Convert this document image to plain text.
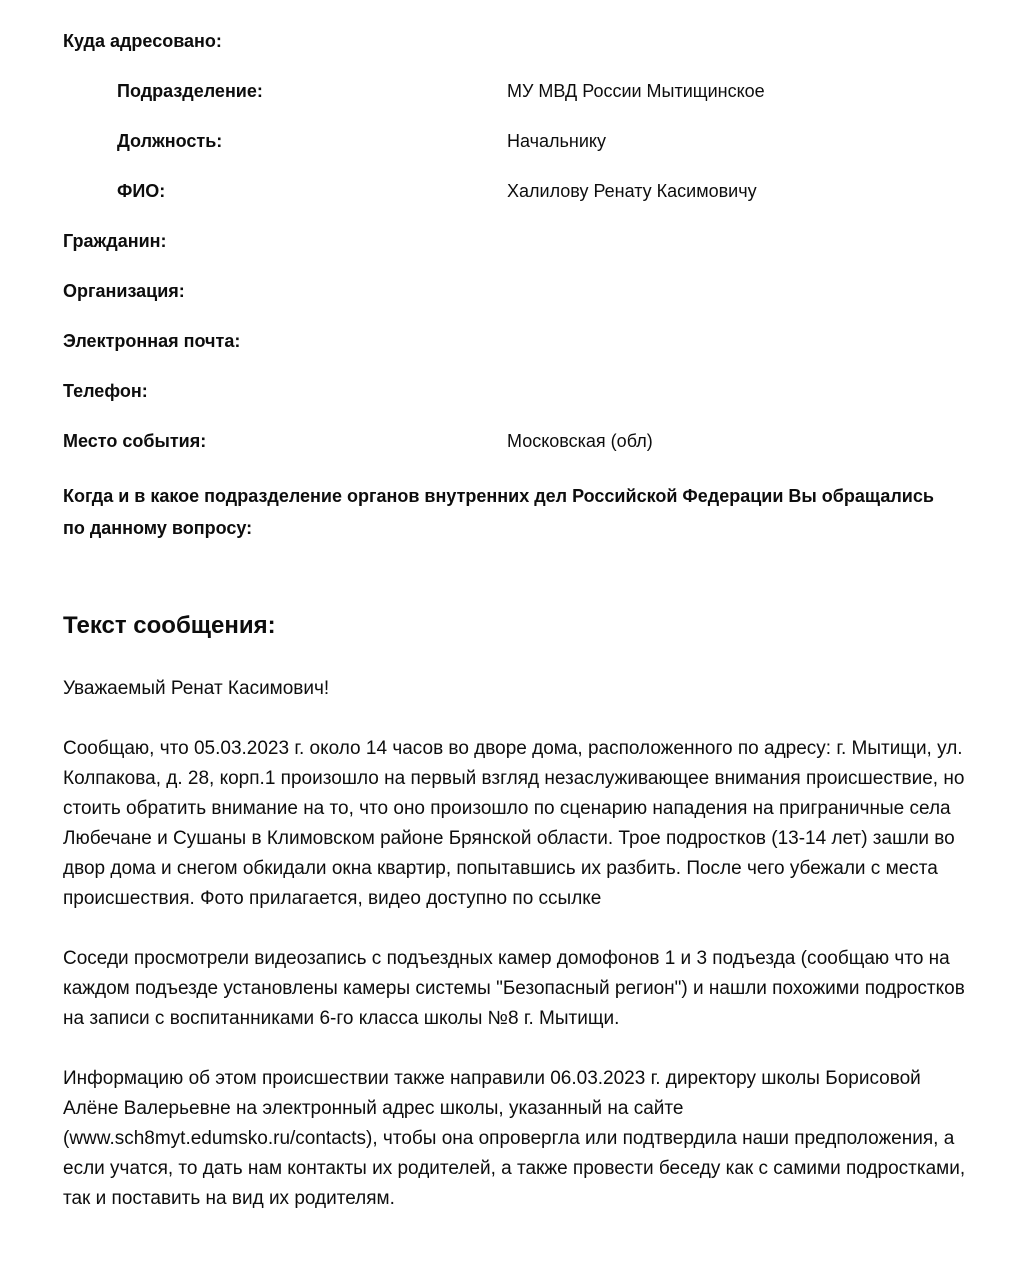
Куда адресовано:
Подразделение:	МУ МВД России Мытищинское
Должность:	Начальнику
ФИО:	Халилову Ренату Касимовичу
Гражданин:
Организация:
Электронная почта:
Телефон:
Место события:	Московская (обл)
Когда и в какое подразделение органов внутренних дел Российской Федерации Вы обращались по данному вопросу:
Текст сообщения:
Уважаемый Ренат Касимович!
Сообщаю, что 05.03.2023 г. около 14 часов во дворе дома, расположенного по адресу: г. Мытищи, ул. Колпакова, д. 28, корп.1 произошло на первый взгляд незаслуживающее внимания происшествие, но стоить обратить внимание на то, что оно произошло по сценарию нападения на приграничные села Любечане и Сушаны в Климовском районе Брянской области. Трое подростков (13-14 лет) зашли во двор дома и снегом обкидали окна квартир, попытавшись их разбить. После чего убежали с места происшествия. Фото прилагается, видео доступно по ссылке
Соседи просмотрели видеозапись с подъездных камер домофонов 1 и 3 подъезда (сообщаю что на каждом подъезде установлены камеры системы "Безопасный регион") и нашли похожими подростков на записи с воспитанниками 6-го класса школы №8 г. Мытищи.
Информацию об этом происшествии также направили 06.03.2023 г. директору школы Борисовой Алёне Валерьевне на электронный адрес школы, указанный на сайте (www.sch8myt.edumsko.ru/contacts), чтобы она опровергла или подтвердила наши предположения, а если учатся, то дать нам контакты их родителей, а также провести беседу как с самими подростками, так и поставить на вид их родителям.
